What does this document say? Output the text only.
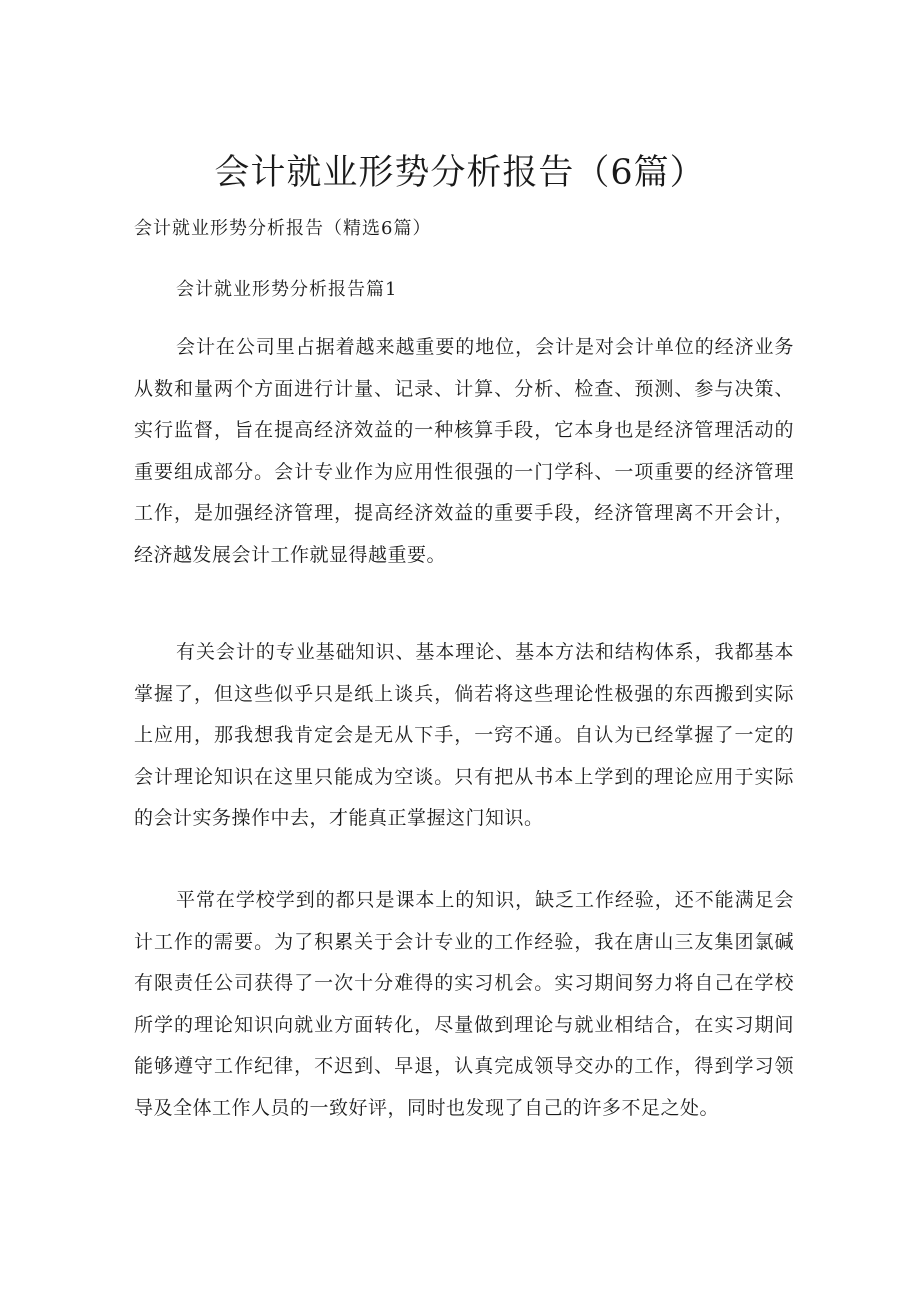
会计就业形势分析报告（6篇）

会计就业形势分析报告（精选6篇）

会计就业形势分析报告篇1

会计在公司里占据着越来越重要的地位，会计是对会计单位的经济业务从数和量两个方面进行计量、记录、计算、分析、检查、预测、参与决策、实行监督，旨在提高经济效益的一种核算手段，它本身也是经济管理活动的重要组成部分。会计专业作为应用性很强的一门学科、一项重要的经济管理工作，是加强经济管理，提高经济效益的重要手段，经济管理离不开会计，经济越发展会计工作就显得越重要。

有关会计的专业基础知识、基本理论、基本方法和结构体系，我都基本掌握了，但这些似乎只是纸上谈兵，倘若将这些理论性极强的东西搬到实际上应用，那我想我肯定会是无从下手，一窍不通。自认为已经掌握了一定的会计理论知识在这里只能成为空谈。只有把从书本上学到的理论应用于实际的会计实务操作中去，才能真正掌握这门知识。

平常在学校学到的都只是课本上的知识，缺乏工作经验，还不能满足会计工作的需要。为了积累关于会计专业的工作经验，我在唐山三友集团氯碱有限责任公司获得了一次十分难得的实习机会。实习期间努力将自己在学校所学的理论知识向就业方面转化，尽量做到理论与就业相结合，在实习期间能够遵守工作纪律，不迟到、早退，认真完成领导交办的工作，得到学习领导及全体工作人员的一致好评，同时也发现了自己的许多不足之处。
